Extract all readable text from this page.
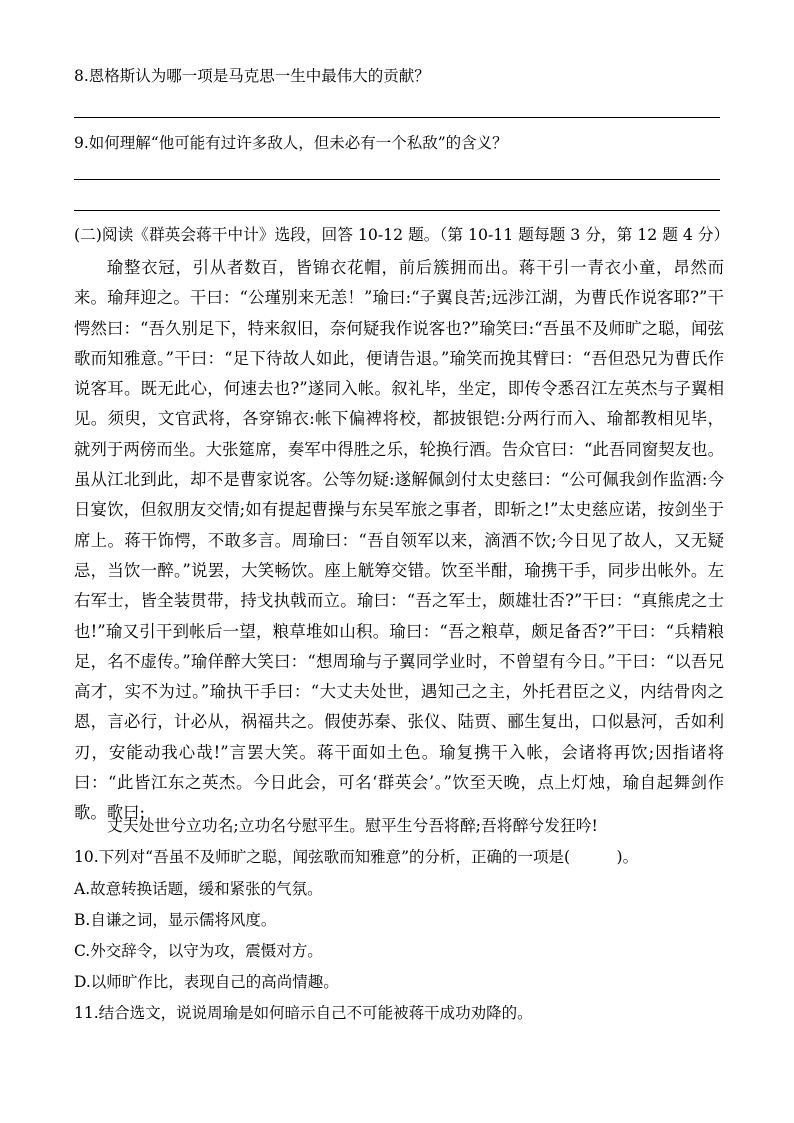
8.恩格斯认为哪一项是马克思一生中最伟大的贡献？
9.如何理解“他可能有过许多敌人，但未必有一个私敌”的含义？
(二)阅读《群英会蒋干中计》选段，回答 10-12 题。（第 10-11 题每题 3 分，第 12 题 4 分）

瑜整衣冠，引从者数百，皆锦衣花帽，前后簇拥而出。蒋干引一青衣小童，昂然而来。瑜拜迎之。干曰：“公瑾别来无恙！”瑜曰:“子翼良苦;远涉江湖，为曹氏作说客耶?”干愕然曰：“吾久别足下，特来叙旧，奈何疑我作说客也?”瑜笑曰:“吾虽不及师旷之聪，闻弦歌而知雅意。”干曰：“足下待故人如此，便请告退。”瑜笑而挽其臂曰：“吾但恐兄为曹氏作说客耳。既无此心，何速去也?”遂同入帐。叙礼毕，坐定，即传令悉召江左英杰与子翼相见。须臾，文官武将，各穿锦衣:帐下偏裨将校，都披银铠:分两行而入、瑜都教相见毕，就列于两傍而坐。大张筵席，奏军中得胜之乐，轮换行酒。告众官曰：“此吾同窗契友也。虽从江北到此，却不是曹家说客。公等勿疑:遂解佩剑付太史慈曰：“公可佩我剑作监酒:今日宴饮，但叙朋友交情;如有提起曹操与东吴军旅之事者，即斩之!”太史慈应诺，按剑坐于席上。蒋干饰愕，不敢多言。周瑜曰：“吾自领军以来，滴酒不饮;今日见了故人，又无疑忌，当饮一醉。”说罢，大笑畅饮。座上觥筹交错。饮至半酣，瑜携干手，同步出帐外。左右军士，皆全装贯带，持戈执戟而立。瑜曰：“吾之军士，颇雄壮否?”干曰：“真熊虎之士也!”瑜又引干到帐后一望，粮草堆如山积。瑜曰：“吾之粮草，颇足备否?”干曰：“兵精粮足，名不虚传。”瑜佯醉大笑曰：“想周瑜与子翼同学业时，不曾望有今日。”干曰：“以吾兄高才，实不为过。”瑜执干手曰：“大丈夫处世，遇知己之主，外托君臣之义，内结骨肉之恩，言必行，计必从，祸福共之。假使苏秦、张仪、陆贾、郦生复出，口似悬河，舌如利刃，安能动我心哉!”言罢大笑。蒋干面如土色。瑜复携干入帐，会诸将再饮;因指诸将曰：“此皆江东之英杰。今日此会，可名‘群英会’。”饮至天晚，点上灯烛，瑜自起舞剑作歌。歌曰:

丈夫处世兮立功名;立功名兮慰平生。慰平生兮吾将醉;吾将醉兮发狂吟!
10.下列对“吾虽不及师旷之聪，闻弦歌而知雅意”的分析，正确的一项是(　　　)。
A.故意转换话题，缓和紧张的气氛。
B.自谦之词，显示儒将风度。
C.外交辞令，以守为攻，震慑对方。
D.以师旷作比，表现自己的高尚情趣。
11.结合选文，说说周瑜是如何暗示自己不可能被蒋干成功劝降的。
